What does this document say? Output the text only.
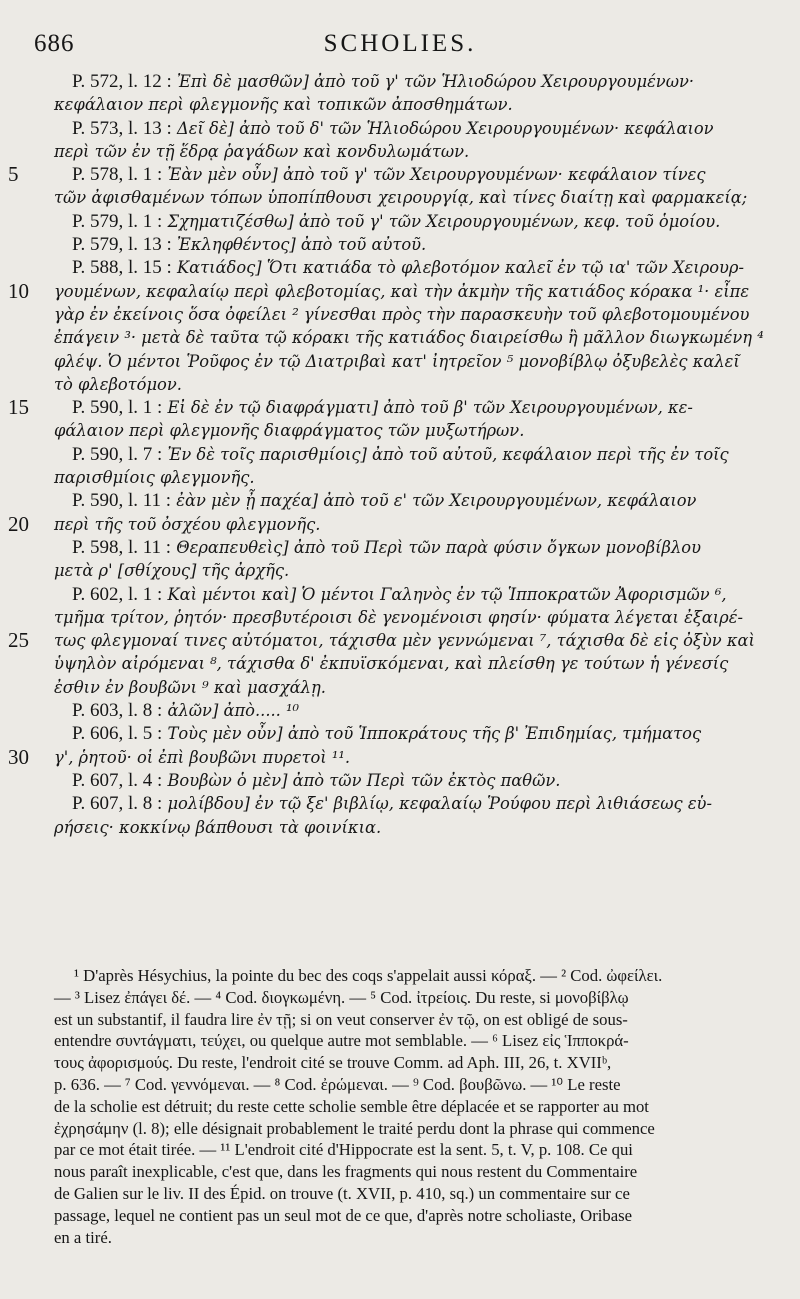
686	SCHOLIES.
P. 572, l. 12 : Ἐπὶ δὲ μασθῶν] ἀπὸ τοῦ γ' τῶν Ἡλιοδώρου Χειρουργουμένων·
κεφάλαιον περὶ φλεγμονῆς καὶ τοπικῶν ἀποσθημάτων.
P. 573, l. 13 : Δεῖ δὲ] ἀπὸ τοῦ δ' τῶν Ἡλιοδώρου Χειρουργουμένων· κεφάλαιον
περὶ τῶν ἐν τῇ ἕδρᾳ ῥαγάδων καὶ κονδυλωμάτων.
5	P. 578, l. 1 : Ἐὰν μὲν οὖν] ἀπὸ τοῦ γ' τῶν Χειρουργουμένων· κεφάλαιον τίνες
τῶν ἀφισθαμένων τόπων ὑποπίπθουσι χειρουργίᾳ, καὶ τίνες διαίτῃ καὶ φαρμακείᾳ;
P. 579, l. 1 : Σχηματιζέσθω] ἀπὸ τοῦ γ' τῶν Χειρουργουμένων, κεφ. τοῦ ὁμοίου.
P. 579, l. 13 : Ἐκληφθέντος] ἀπὸ τοῦ αὐτοῦ.
P. 588, l. 15 : Κατιάδος] Ὅτι κατιάδα τὸ φλεβοτόμον καλεῖ ἐν τῷ ια' τῶν Χειρουρ-
10	γουμένων, κεφαλαίῳ περὶ φλεβοτομίας, καὶ τὴν ἀκμὴν τῆς κατιάδος κόρακα ¹· εἶπε
γὰρ ἐν ἐκείνοις ὅσα ὀφείλει ² γίνεσθαι πρὸς τὴν παρασκευὴν τοῦ φλεβοτομουμένου
ἐπάγειν ³· μετὰ δὲ ταῦτα τῷ κόρακι τῆς κατιάδος διαιρείσθω ἢ μᾶλλον διωγκωμένη ⁴
φλέψ. Ὁ μέντοι Ῥοῦφος ἐν τῷ Διατριβαὶ κατ' ἰητρεῖον ⁵ μονοβίβλῳ ὀξυβελὲς καλεῖ
τὸ φλεβοτόμον.
15	P. 590, l. 1 : Εἰ δὲ ἐν τῷ διαφράγματι] ἀπὸ τοῦ β' τῶν Χειρουργουμένων, κε-
φάλαιον περὶ φλεγμονῆς διαφράγματος τῶν μυξωτήρων.
P. 590, l. 7 : Ἐν δὲ τοῖς παρισθμίοις] ἀπὸ τοῦ αὐτοῦ, κεφάλαιον περὶ τῆς ἐν τοῖς
παρισθμίοις φλεγμονῆς.
P. 590, l. 11 : ἐὰν μὲν ᾖ παχέα] ἀπὸ τοῦ ε' τῶν Χειρουργουμένων, κεφάλαιον
20	περὶ τῆς τοῦ ὀσχέου φλεγμονῆς.
P. 598, l. 11 : Θεραπευθεὶς] ἀπὸ τοῦ Περὶ τῶν παρὰ φύσιν ὄγκων μονοβίβλου
μετὰ ρ' [σθίχους] τῆς ἀρχῆς.
P. 602, l. 1 : Καὶ μέντοι καὶ] Ὁ μέντοι Γαληνὸς ἐν τῷ Ἱπποκρατῶν Ἀφορισμῶν ⁶,
τμῆμα τρίτον, ῥητόν· πρεσβυτέροισι δὲ γενομένοισι φησίν· φύματα λέγεται ἐξαιρέ-
25	τως φλεγμοναί τινες αὐτόματοι, τάχισθα μὲν γεννώμεναι ⁷, τάχισθα δὲ εἰς ὀξὺν καὶ
ὑψηλὸν αἰρόμεναι ⁸, τάχισθα δ' ἐκπυϊσκόμεναι, καὶ πλείσθη γε τούτων ἡ γένεσίς
ἐσθιν ἐν βουβῶνι ⁹ καὶ μασχάλῃ.
P. 603, l. 8 : ἀλῶν] ἀπὸ..... ¹⁰
P. 606, l. 5 : Τοὺς μὲν οὖν] ἀπὸ τοῦ Ἱπποκράτους τῆς β' Ἐπιδημίας, τμήματος
30	γ', ῥητοῦ· οἱ ἐπὶ βουβῶνι πυρετοὶ ¹¹.
P. 607, l. 4 : Βουβὼν ὁ μὲν] ἀπὸ τῶν Περὶ τῶν ἐκτὸς παθῶν.
P. 607, l. 8 : μολίβδου] ἐν τῷ ξε' βιβλίῳ, κεφαλαίῳ Ῥούφου περὶ λιθιάσεως εὑ-
ρήσεις· κοκκίνῳ βάπθουσι τὰ φοινίκια.
¹ D'après Hésychius, la pointe du bec des coqs s'appelait aussi κόραξ. — ² Cod. ὠφείλει.
— ³ Lisez ἐπάγει δέ. — ⁴ Cod. διογκωμένη. — ⁵ Cod. ἰτρείοις. Du reste, si μονοβίβλῳ
est un substantif, il faudra lire ἐν τῇ; si on veut conserver ἐν τῷ, on est obligé de sous-
entendre συντάγματι, τεύχει, ou quelque autre mot semblable. — ⁶ Lisez εἰς Ἱπποκρά-
τους ἀφορισμούς. Du reste, l'endroit cité se trouve Comm. ad Aph. III, 26, t. XVIIᵇ,
p. 636. — ⁷ Cod. γεννόμεναι. — ⁸ Cod. ἐρώμεναι. — ⁹ Cod. βουβῶνω. — ¹⁰ Le reste
de la scholie est détruit; du reste cette scholie semble être déplacée et se rapporter au mot
ἐχρησάμην (l. 8); elle désignait probablement le traité perdu dont la phrase qui commence
par ce mot était tirée. — ¹¹ L'endroit cité d'Hippocrate est la sent. 5, t. V, p. 108. Ce qui
nous paraît inexplicable, c'est que, dans les fragments qui nous restent du Commentaire
de Galien sur le liv. II des Épid. on trouve (t. XVII, p. 410, sq.) un commentaire sur ce
passage, lequel ne contient pas un seul mot de ce que, d'après notre scholiaste, Oribase
en a tiré.
